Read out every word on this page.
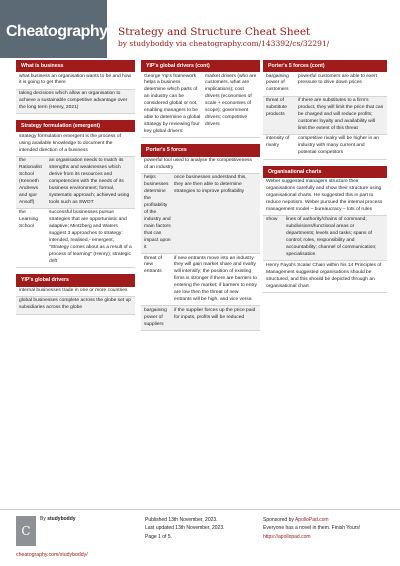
Cheatography Strategy and Structure Cheat Sheet
by studyboddy via cheatography.com/143392/cs/32291/
What is business
what business an organisation wants to be and how it is going to get there
taking decisions which allow an organisation to achieve a sustainable competitive advantage over the long term (Henry, 2021)
Strategy formulation (emergent)
strategy formulation emergent is the process of using available knowledge to document the intended direction of a business
the Rationalist School (Kenneth Andrews and Igor Ansoff)
an organisation needs to match its strengths and weaknesses which derive from its resources and competencies with the needs of its business environment; formal, systematic approach; achieved using tools such as SWOT
the Learning School
successful businesses pursue strategies that are opportunistic and adaptive; Mintzberg and Waters suggest 3 approaches to strategy: intended, realised,- emergent; "Strategy comes about as a result of a process of learning" (Henry); strategic drift
YIP's global drivers
internal businesses trade in one or more countries
global businesses complete across the globe set up subsidiaries across the globe
YIP's global drivers (cont)
George Yip's framework helps a business determine which parts of an industry can be considered global or not, enabling managers to be able to determine a global strategy by reviewing four key global drivers:
market drivers (who are customers, what are implications); cost drivers (economies of scale + economies of scope); government drivers; competitive drivers
Porter's 5 forces
powerful tool used to analyse the competitiveness of an industry
helps businesses determine the profitability of the industry and main factors that can impact upon it
once businesses understand this, they are then able to determine strategies to improve profitability
threat of new entrants
if new entrants move into an industry they will gain market share and rivalry will intensify; the position of existing firms is stronger if there are barriers to entering the market; if barriers to entry are low then the threat of new entrants will be high, and vice versa
bargaining power of suppliers
if the supplier forces up the price paid for inputs, profits will be reduced
Porter's 5 forces (cont)
bargaining power of customers
powerful customers are able to exert pressure to drive down prices
threat of substitute products
if there are substitutes to a firm's product, they will limit the price that can be charged and will reduce profits; customer loyalty and availability will limit the extent of this threat
intensity of rivalry
competitive rivalry will be higher in an industry with many current and potential competitors
Organisational charts
Weber suggested managers structure their organisations carefully and show their structure using organisational charts. He suggested this in part to reduce nepotism. Weber pursued the internal process management model – bureaucracy – lots of rules
show	lines of authority/chains of command; subdivisions/functional areas or departments; levels and tasks; spans of control; roles, responsibility and accountability; channel of communication; specialisation
Henry Fayol's Scalar Chain within his 14 Principles of Management suggested organisations should be structured, and this should be depicted through an organisational chart
C
By studyboddy
cheatography.com/studyboddy/
Published 13th November, 2023.
Last updated 13th November, 2023.
Page 1 of 5.
Sponsored by ApolloPad.com
Everyone has a novel in them. Finish Yours!
https://apollopad.com
